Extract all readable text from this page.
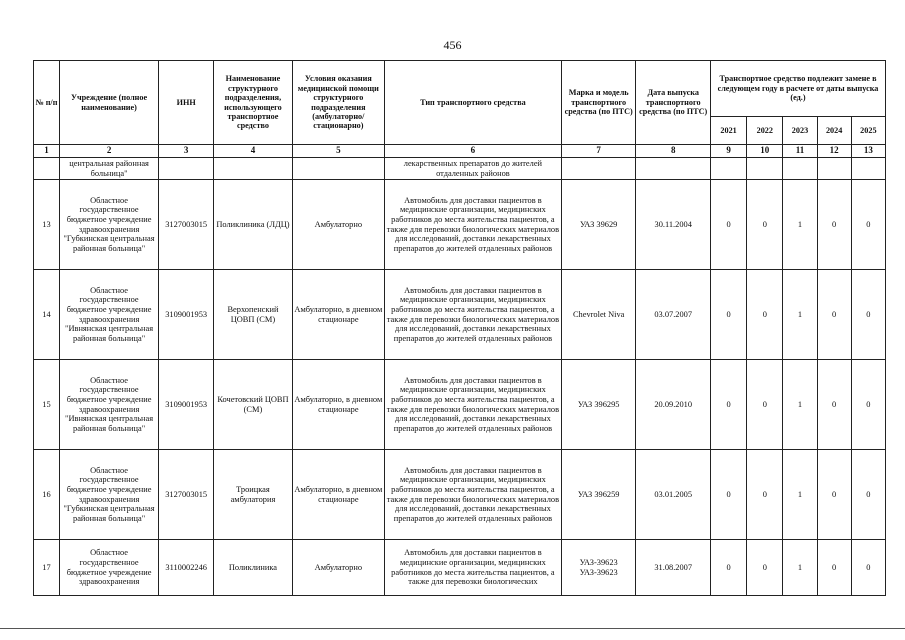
456
№ п/п	Учреждение (полное наименование)	ИНН	Наименование структурного подразделения, использующего транспортное средство	Условия оказания медицинской помощи структурного подразделения (амбулаторно/ стационарно)	Тип транспортного средства	Марка и модель транспортного средства (по ПТС)	Дата выпуска транспортного средства (по ПТС)	Транспортное средство подлежит замене в следующем году в расчете от даты выпуска (ед.)				
								2021	2022	2023	2024	2025
1	2	3	4	5	6	7	8	9	10	11	12	13
	центральная районная больница"				лекарственных препаратов до жителей отдаленных районов							
13	Областное государственное бюджетное учреждение здравоохранения "Губкинская центральная районная больница"	3127003015	Поликлиника (ЛДЦ)	Амбулаторно	Автомобиль для доставки пациентов в медицинские организации, медицинских работников до места жительства пациентов, а также для перевозки биологических материалов для исследований, доставки лекарственных препаратов до жителей отдаленных районов	УАЗ 39629	30.11.2004	0	0	1	0	0
14	Областное государственное бюджетное учреждение здравоохранения "Ивнянская центральная районная больница"	3109001953	Верхопенский ЦОВП (СМ)	Амбулаторно, в дневном стационаре	Автомобиль для доставки пациентов в медицинские организации, медицинских работников до места жительства пациентов, а также для перевозки биологических материалов для исследований, доставки лекарственных препаратов до жителей отдаленных районов	Chevrolet Niva	03.07.2007	0	0	1	0	0
15	Областное государственное бюджетное учреждение здравоохранения "Ивнянская центральная районная больница"	3109001953	Кочетовский ЦОВП (СМ)	Амбулаторно, в дневном стационаре	Автомобиль для доставки пациентов в медицинские организации, медицинских работников до места жительства пациентов, а также для перевозки биологических материалов для исследований, доставки лекарственных препаратов до жителей отдаленных районов	УАЗ 396295	20.09.2010	0	0	1	0	0
16	Областное государственное бюджетное учреждение здравоохранения "Губкинская центральная районная больница"	3127003015	Троицкая амбулатория	Амбулаторно, в дневном стационаре	Автомобиль для доставки пациентов в медицинские организации, медицинских работников до места жительства пациентов, а также для перевозки биологических материалов для исследований, доставки лекарственных препаратов до жителей отдаленных районов	УАЗ 396259	03.01.2005	0	0	1	0	0
17	Областное государственное бюджетное учреждение здравоохранения	3110002246	Поликлиника	Амбулаторно	Автомобиль для доставки пациентов в медицинские организации, медицинских работников до места жительства пациентов, а также для перевозки биологических	УАЗ-39623 УАЗ-39623	31.08.2007	0	0	1	0	0
